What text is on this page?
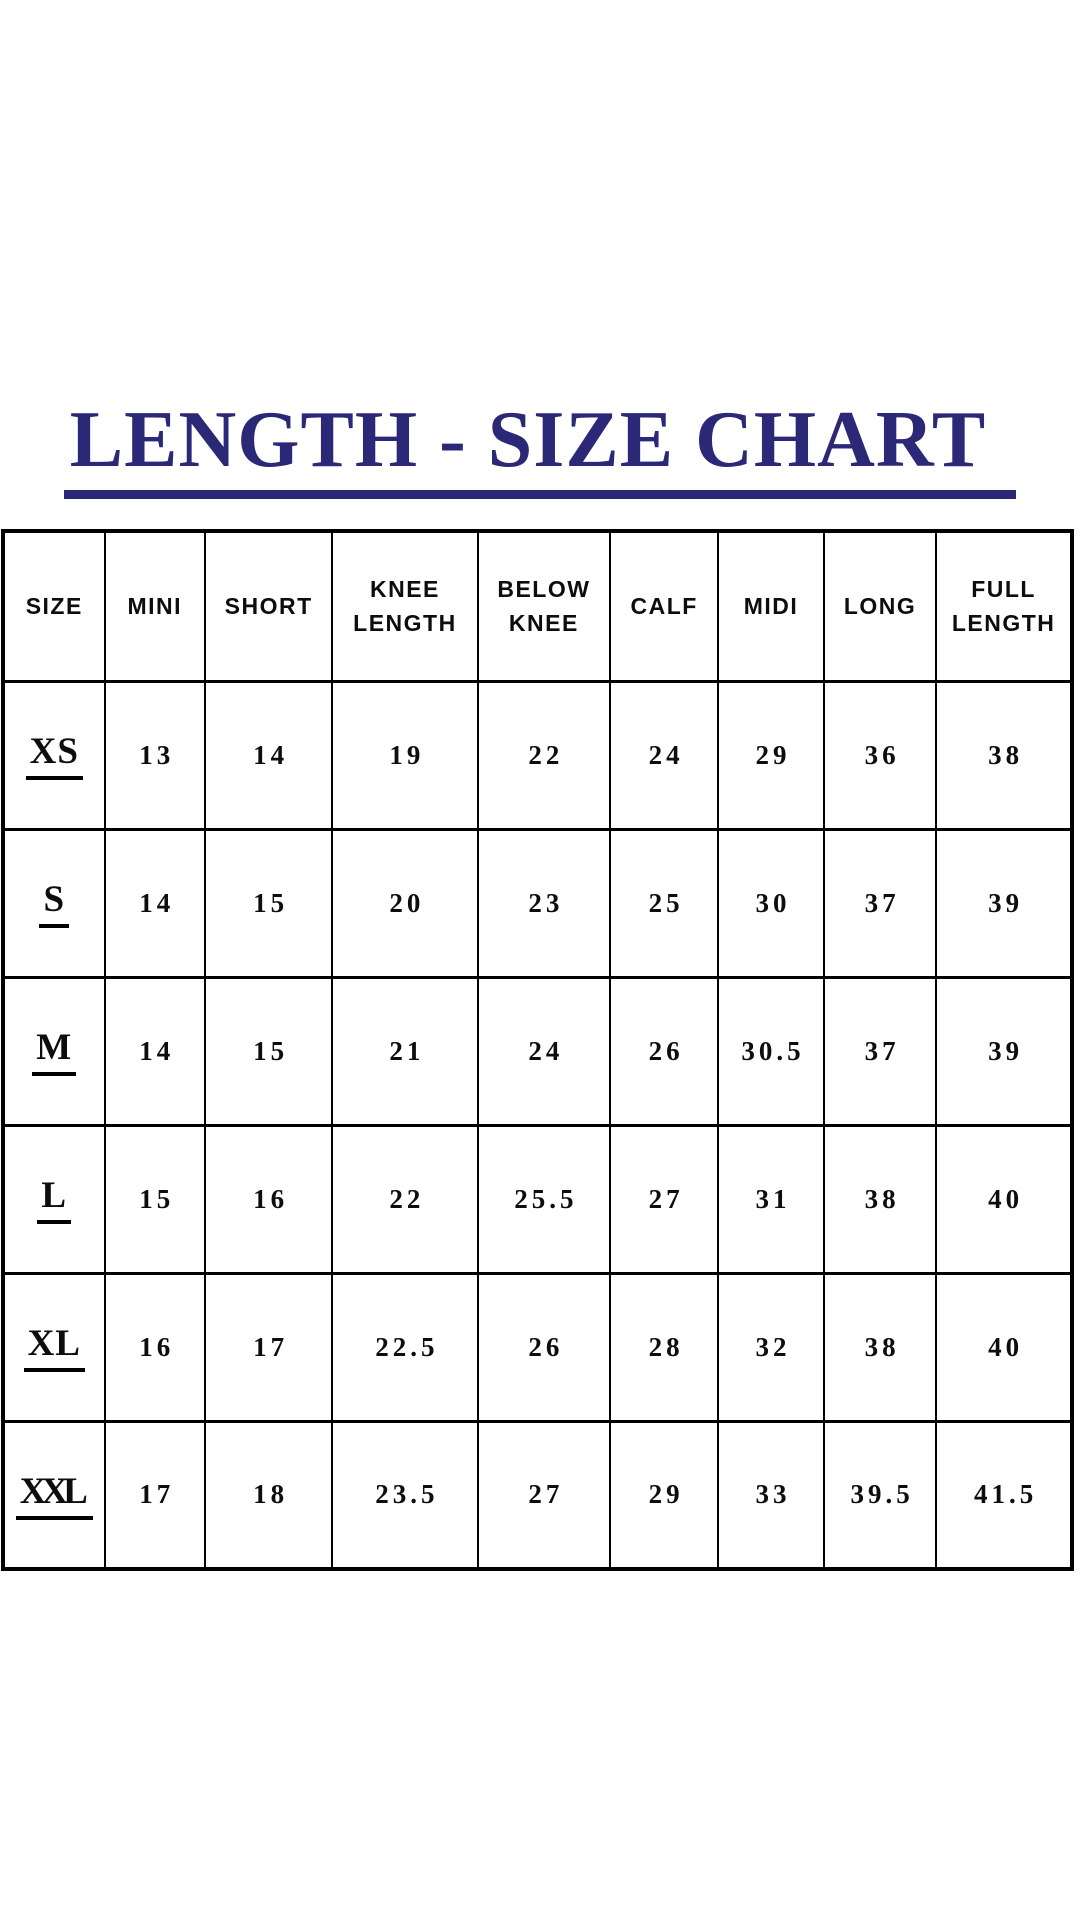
LENGTH - SIZE CHART
SIZE	MINI	SHORT	KNEE LENGTH	BELOW KNEE	CALF	MIDI	LONG	FULL LENGTH
XS	13	14	19	22	24	29	36	38
S	14	15	20	23	25	30	37	39
M	14	15	21	24	26	30.5	37	39
L	15	16	22	25.5	27	31	38	40
XL	16	17	22.5	26	28	32	38	40
XXL	17	18	23.5	27	29	33	39.5	41.5
